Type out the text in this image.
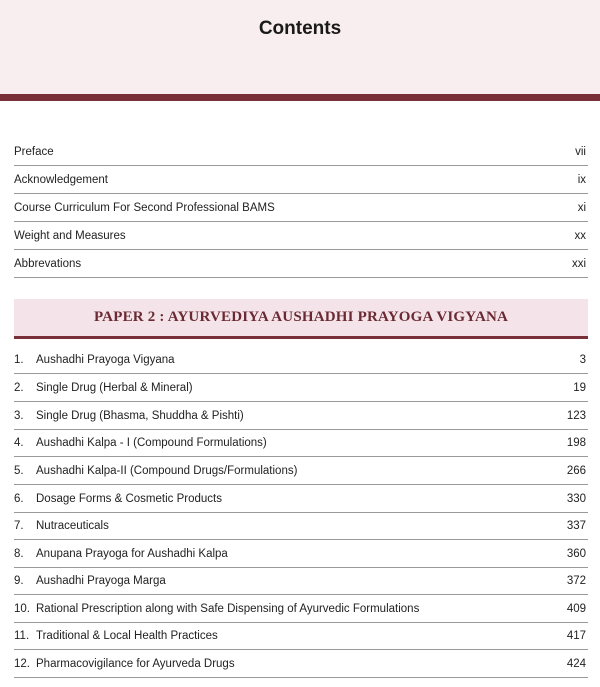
Contents
Preface	vii
Acknowledgement	ix
Course Curriculum For Second Professional BAMS	xi
Weight and Measures	xx
Abbrevations	xxi
PAPER 2 : AYURVEDIYA AUSHADHI PRAYOGA VIGYANA
1.	Aushadhi Prayoga Vigyana	3
2.	Single Drug (Herbal & Mineral)	19
3.	Single Drug (Bhasma, Shuddha & Pishti)	123
4.	Aushadhi Kalpa - I (Compound Formulations)	198
5.	Aushadhi Kalpa-II (Compound Drugs/Formulations)	266
6.	Dosage Forms & Cosmetic Products	330
7.	Nutraceuticals	337
8.	Anupana Prayoga for Aushadhi Kalpa	360
9.	Aushadhi Prayoga Marga	372
10. Rational Prescription along with Safe Dispensing of Ayurvedic Formulations	409
11. Traditional & Local Health Practices	417
12. Pharmacovigilance for Ayurveda Drugs	424
